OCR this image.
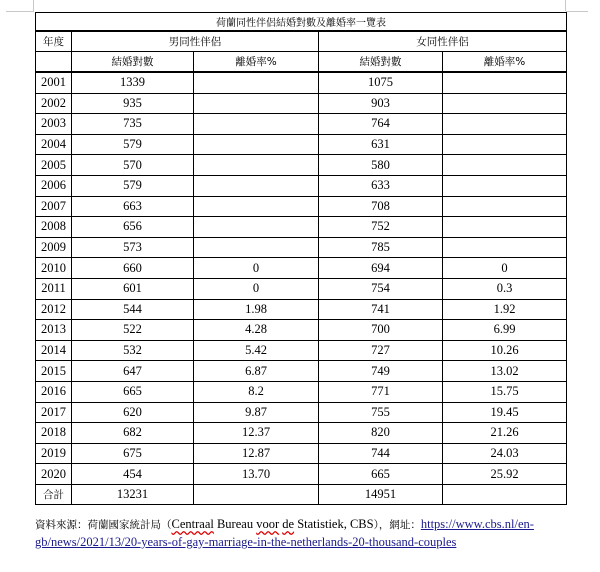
荷蘭同性伴侶結婚對數及離婚率一覽表				
年度	男同性伴侶		女同性伴侶	
	結婚對數	離婚率%	結婚對數	離婚率%
2001	1339		1075	
2002	935		903	
2003	735		764	
2004	579		631	
2005	570		580	
2006	579		633	
2007	663		708	
2008	656		752	
2009	573		785	
2010	660	0	694	0
2011	601	0	754	0.3
2012	544	1.98	741	1.92
2013	522	4.28	700	6.99
2014	532	5.42	727	10.26
2015	647	6.87	749	13.02
2016	665	8.2	771	15.75
2017	620	9.87	755	19.45
2018	682	12.37	820	21.26
2019	675	12.87	744	24.03
2020	454	13.70	665	25.92
合計	13231		14951	
資料來源：荷蘭國家統計局（Centraal Bureau voor de Statistiek, CBS），網址：https://www.cbs.nl/en-gb/news/2021/13/20-years-of-gay-marriage-in-the-netherlands-20-thousand-couples
